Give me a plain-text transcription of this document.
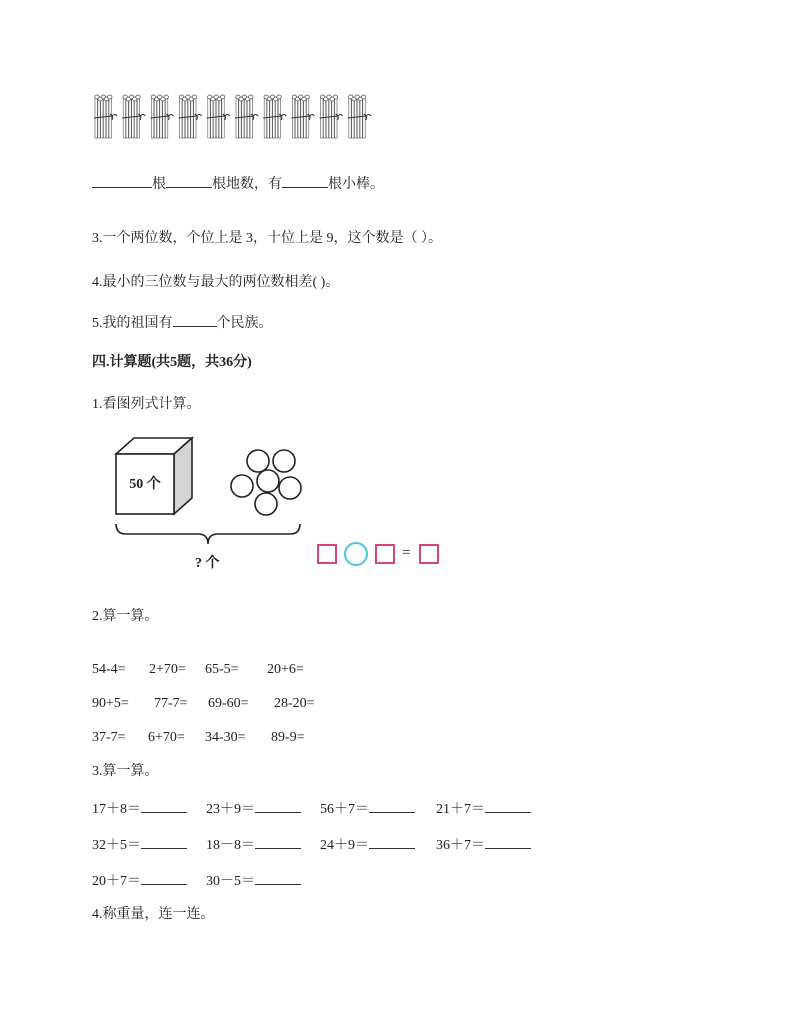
根	根地数，有	根小棒。
3.一个两位数，个位上是 3，十位上是 9，这个数是（ ）。
4.最小的三位数与最大的两位数相差( )。
5.我的祖国有	个民族。
四.计算题(共5题，共36分)
1.看图列式计算。
50 个
? 个
=
2.算一算。
54-4= 2+70= 65-5= 20+6=
90+5= 77-7= 69-60= 28-20=
37-7= 6+70= 34-30= 89-9=
3.算一算。
17＋8＝	23＋9＝	56＋7＝	21＋7＝
32＋5＝	18－8＝	24＋9＝	36＋7＝
20＋7＝	30－5＝
4.称重量，连一连。
